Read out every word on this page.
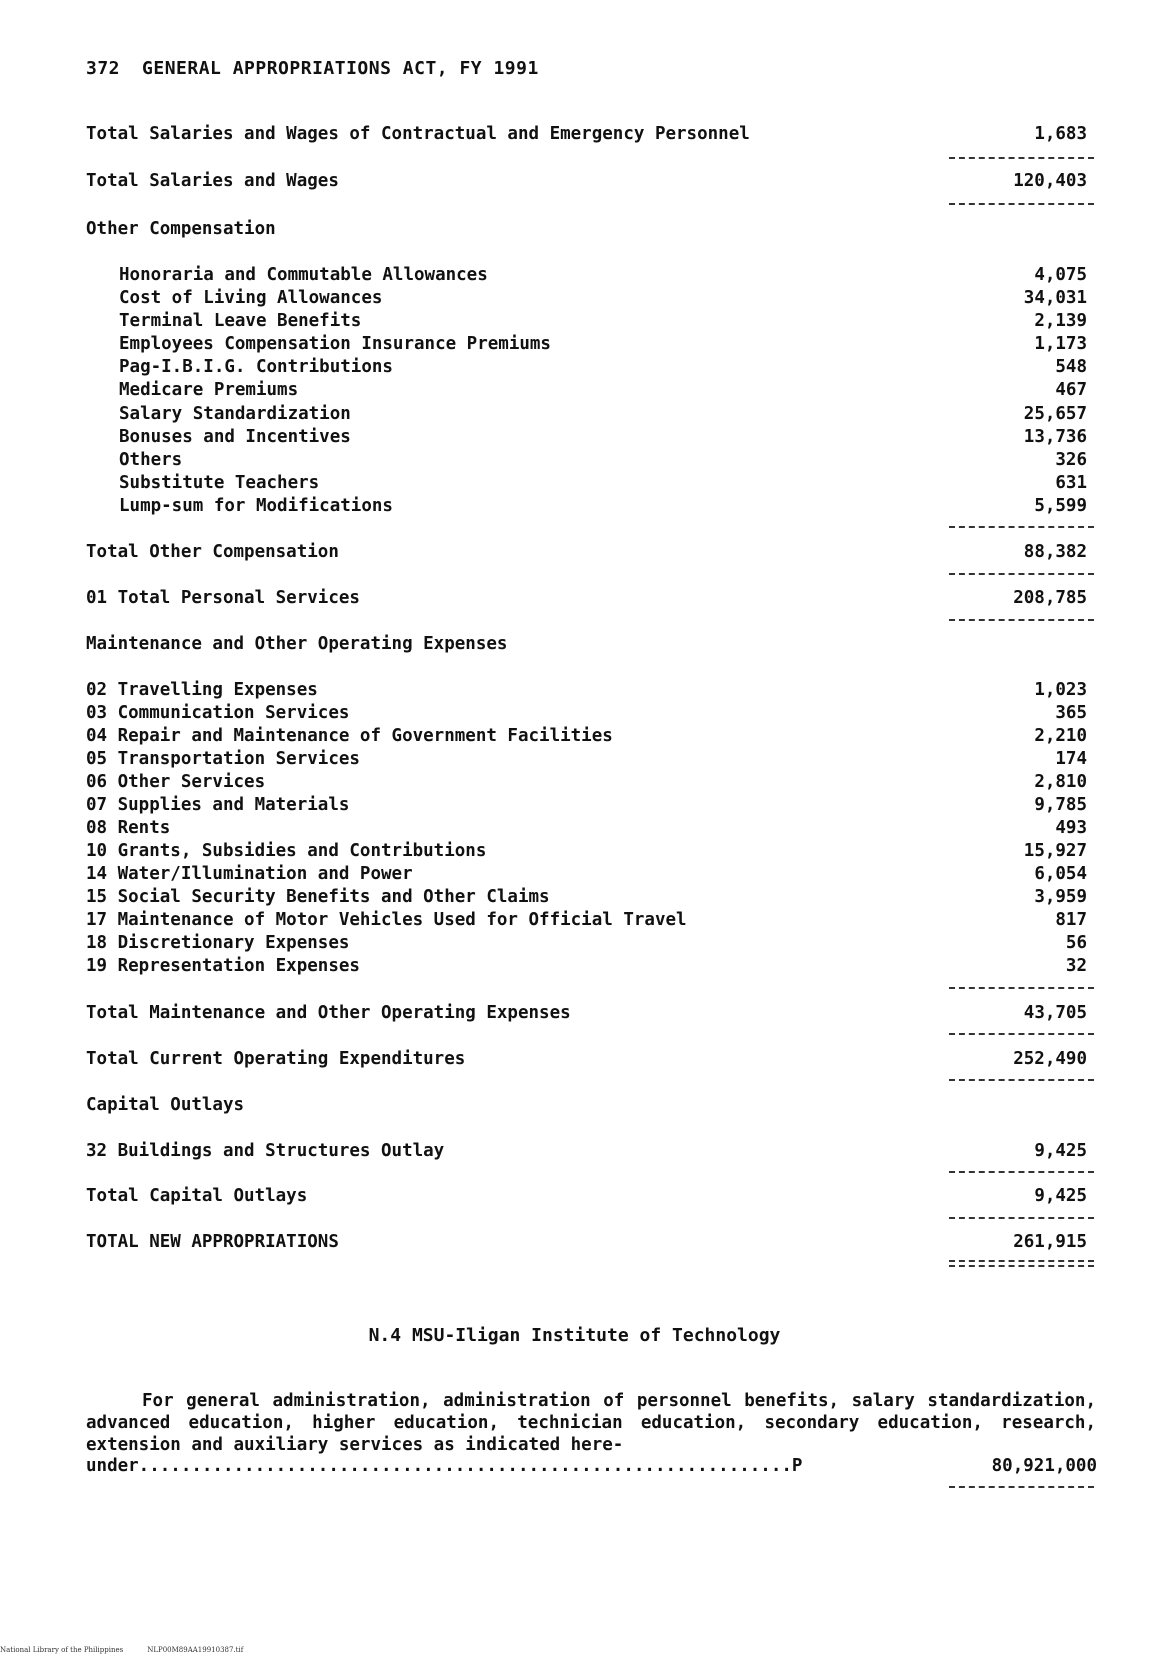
372 GENERAL APPROPRIATIONS ACT, FY 1991
Total Salaries and Wages of Contractual and Emergency Personnel	1,683
Total Salaries and Wages	120,403
Other Compensation
Honoraria and Commutable Allowances	4,075
Cost of Living Allowances	34,031
Terminal Leave Benefits	2,139
Employees Compensation Insurance Premiums	1,173
Pag-I.B.I.G. Contributions	548
Medicare Premiums	467
Salary Standardization	25,657
Bonuses and Incentives	13,736
Others	326
Substitute Teachers	631
Lump-sum for Modifications	5,599
Total Other Compensation	88,382
01 Total Personal Services	208,785
Maintenance and Other Operating Expenses
02 Travelling Expenses	1,023
03 Communication Services	365
04 Repair and Maintenance of Government Facilities	2,210
05 Transportation Services	174
06 Other Services	2,810
07 Supplies and Materials	9,785
08 Rents	493
10 Grants, Subsidies and Contributions	15,927
14 Water/Illumination and Power	6,054
15 Social Security Benefits and Other Claims	3,959
17 Maintenance of Motor Vehicles Used for Official Travel	817
18 Discretionary Expenses	56
19 Representation Expenses	32
Total Maintenance and Other Operating Expenses	43,705
Total Current Operating Expenditures	252,490
Capital Outlays
32 Buildings and Structures Outlay	9,425
Total Capital Outlays	9,425
TOTAL NEW APPROPRIATIONS	261,915
N.4 MSU-Iligan Institute of Technology
For general administration, administration of personnel benefits, salary standardization, advanced education, higher education, technician education, secondary education, research, extension and auxiliary services as indicated here-
under..............................................................P	80,921,000
National Library of the Philippines	NLP00M89AA19910387.tif
